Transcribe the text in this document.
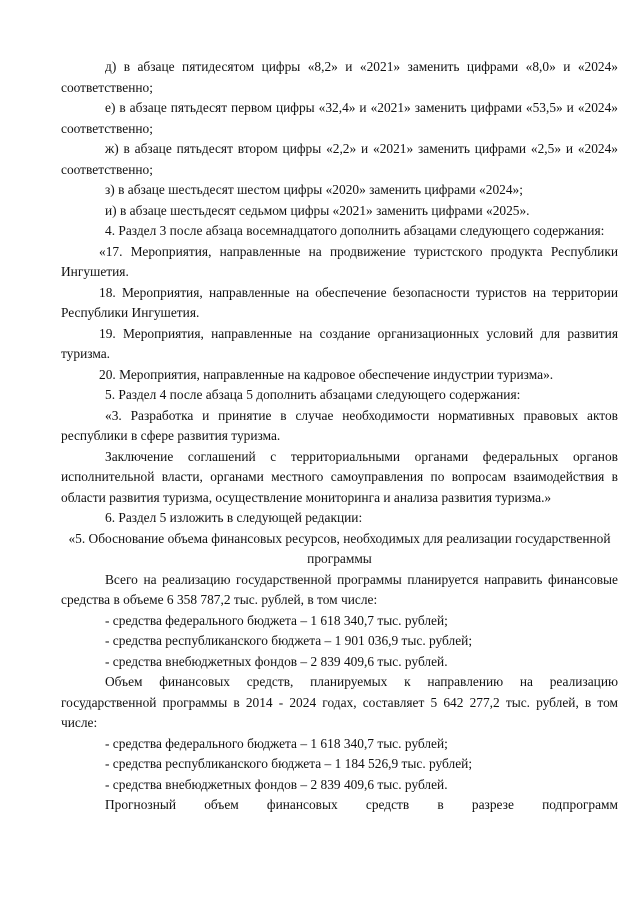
д) в абзаце пятидесятом цифры «8,2» и «2021» заменить цифрами «8,0» и «2024» соответственно;

е) в абзаце пятьдесят первом цифры «32,4» и «2021» заменить цифрами «53,5» и «2024» соответственно;

ж) в абзаце пятьдесят втором цифры «2,2» и «2021» заменить цифрами «2,5» и «2024» соответственно;

з) в абзаце шестьдесят шестом цифры «2020» заменить цифрами «2024»;

и) в абзаце шестьдесят седьмом цифры «2021» заменить цифрами «2025».

4. Раздел 3 после абзаца восемнадцатого дополнить абзацами следующего содержания:

«17. Мероприятия, направленные на продвижение туристского продукта Республики Ингушетия.

18. Мероприятия, направленные на обеспечение безопасности туристов на территории Республики Ингушетия.

19. Мероприятия, направленные на создание организационных условий для развития туризма.

20. Мероприятия, направленные на кадровое обеспечение индустрии туризма».

5. Раздел 4 после абзаца 5 дополнить абзацами следующего содержания:

«3. Разработка и принятие в случае необходимости нормативных правовых актов республики в сфере развития туризма.

Заключение соглашений с территориальными органами федеральных органов исполнительной власти, органами местного самоуправления по вопросам взаимодействия в области развития туризма, осуществление мониторинга и анализа развития туризма.»

6. Раздел 5 изложить в следующей редакции:

«5. Обоснование объема финансовых ресурсов, необходимых для реализации государственной программы

Всего на реализацию государственной программы планируется направить финансовые средства в объеме 6 358 787,2 тыс. рублей, в том числе:

- средства федерального бюджета – 1 618 340,7 тыс. рублей;

- средства республиканского бюджета – 1 901 036,9 тыс. рублей;

- средства внебюджетных фондов – 2 839 409,6 тыс. рублей.

Объем финансовых средств, планируемых к направлению на реализацию государственной программы в 2014 - 2024 годах, составляет 5 642 277,2 тыс. рублей, в том числе:

- средства федерального бюджета – 1 618 340,7 тыс. рублей;

- средства республиканского бюджета – 1 184 526,9 тыс. рублей;

- средства внебюджетных фондов – 2 839 409,6 тыс. рублей.

Прогнозный объем финансовых средств в разрезе подпрограмм
